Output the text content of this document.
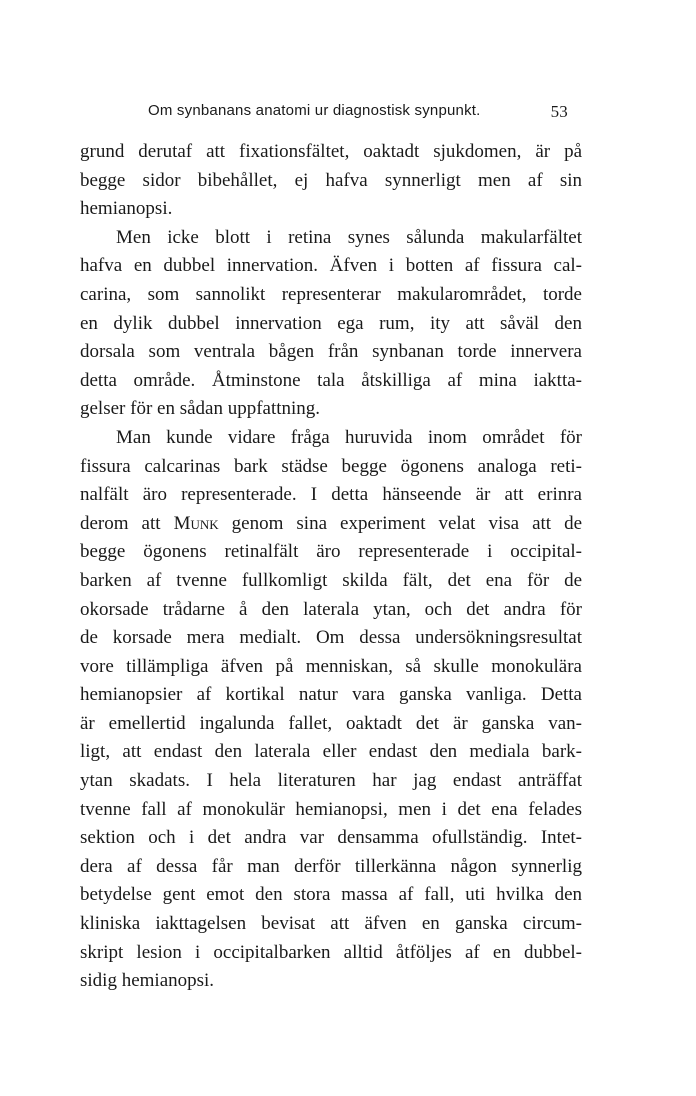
Om synbanans anatomi ur diagnostisk synpunkt.	53
grund derutaf att fixationsfältet, oaktadt sjukdomen, är på
begge sidor bibehållet, ej hafva synnerligt men af sin
hemianopsi.
Men icke blott i retina synes sålunda makularfältet
hafva en dubbel innervation. Äfven i botten af fissura cal-
carina, som sannolikt representerar makularområdet, torde
en dylik dubbel innervation ega rum, ity att såväl den
dorsala som ventrala bågen från synbanan torde innervera
detta område. Åtminstone tala åtskilliga af mina iaktta-
gelser för en sådan uppfattning.
Man kunde vidare fråga huruvida inom området för
fissura calcarinas bark städse begge ögonens analoga reti-
nalfält äro representerade. I detta hänseende är att erinra
derom att Munk genom sina experiment velat visa att de
begge ögonens retinalfält äro representerade i occipital-
barken af tvenne fullkomligt skilda fält, det ena för de
okorsade trådarne å den laterala ytan, och det andra för
de korsade mera medialt. Om dessa undersökningsresultat
vore tillämpliga äfven på menniskan, så skulle monokulära
hemianopsier af kortikal natur vara ganska vanliga. Detta
är emellertid ingalunda fallet, oaktadt det är ganska van-
ligt, att endast den laterala eller endast den mediala bark-
ytan skadats. I hela literaturen har jag endast anträffat
tvenne fall af monokulär hemianopsi, men i det ena felades
sektion och i det andra var densamma ofullständig. Intet-
dera af dessa får man derför tillerkänna någon synnerlig
betydelse gent emot den stora massa af fall, uti hvilka den
kliniska iakttagelsen bevisat att äfven en ganska circum-
skript lesion i occipitalbarken alltid åtföljes af en dubbel-
sidig hemianopsi.
